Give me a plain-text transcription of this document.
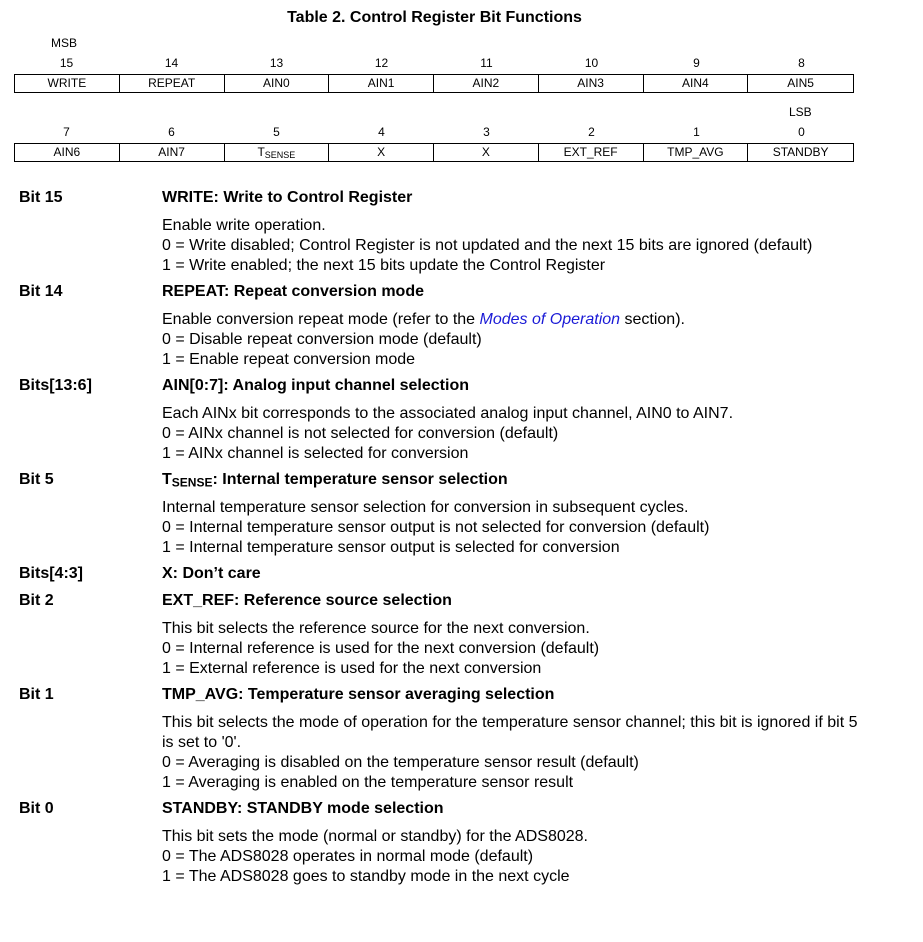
Table 2. Control Register Bit Functions
MSB
LSB
15	14	13	12	11	10	9	8
WRITE	REPEAT	AIN0	AIN1	AIN2	AIN3	AIN4	AIN5
7	6	5	4	3	2	1	0
AIN6	AIN7	$T_{SENSE}$	X	X	EXT_REF	TMP_AVG	STANDBY
Bit 15	WRITE: Write to Control Register

Enable write operation.

0 = Write disabled; Control Register is not updated and the next 15 bits are ignored (default)

1 = Write enabled; the next 15 bits update the Control Register

Bit 14	REPEAT: Repeat conversion mode

Enable conversion repeat mode (refer to the Modes of Operation section).

0 = Disable repeat conversion mode (default)

1 = Enable repeat conversion mode

Bits[13:6]	AIN[0:7]: Analog input channel selection

Each AINx bit corresponds to the associated analog input channel, AIN0 to AIN7.

0 = AINx channel is not selected for conversion (default)

1 = AINx channel is selected for conversion

Bit 5	$T_{SENSE}$: Internal temperature sensor selection

Internal temperature sensor selection for conversion in subsequent cycles.

0 = Internal temperature sensor output is not selected for conversion (default)

1 = Internal temperature sensor output is selected for conversion

Bits[4:3]	X: Don’t care
Bit 2	EXT_REF: Reference source selection

This bit selects the reference source for the next conversion.

0 = Internal reference is used for the next conversion (default)

1 = External reference is used for the next conversion

Bit 1	TMP_AVG: Temperature sensor averaging selection

This bit selects the mode of operation for the temperature sensor channel; this bit is ignored if bit 5 is set to '0'.

0 = Averaging is disabled on the temperature sensor result (default)

1 = Averaging is enabled on the temperature sensor result

Bit 0	STANDBY: STANDBY mode selection

This bit sets the mode (normal or standby) for the ADS8028.

0 = The ADS8028 operates in normal mode (default)

1 = The ADS8028 goes to standby mode in the next cycle
